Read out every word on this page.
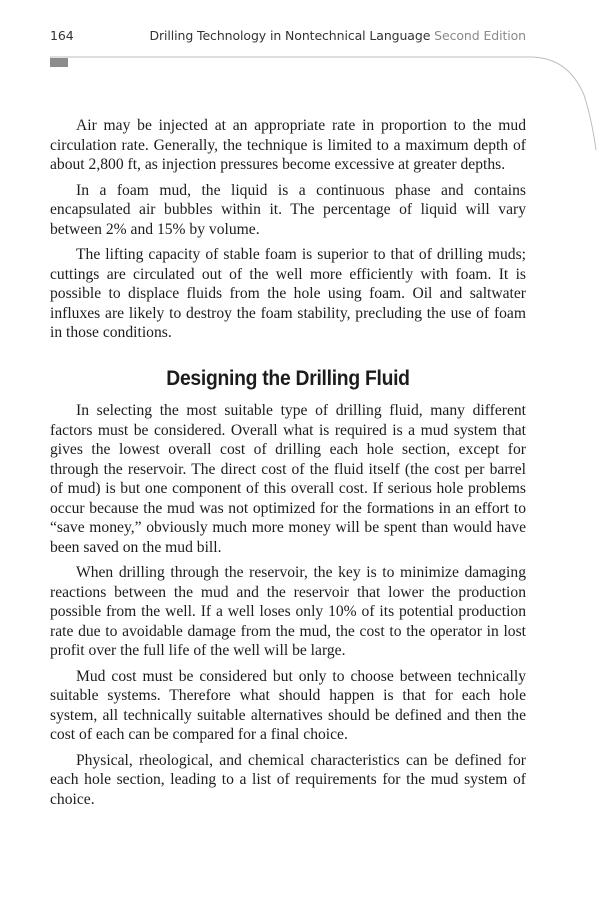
164	Drilling Technology in Nontechnical Language Second Edition

Air may be injected at an appropriate rate in proportion to the mud circulation rate. Generally, the technique is limited to a maximum depth of about 2,800 ft, as injection pressures become excessive at greater depths.

In a foam mud, the liquid is a continuous phase and contains encapsulated air bubbles within it. The percentage of liquid will vary between 2% and 15% by volume.

The lifting capacity of stable foam is superior to that of drilling muds; cuttings are circulated out of the well more efficiently with foam. It is possible to displace fluids from the hole using foam. Oil and saltwater influxes are likely to destroy the foam stability, precluding the use of foam in those conditions.

Designing the Drilling Fluid

In selecting the most suitable type of drilling fluid, many different factors must be considered. Overall what is required is a mud system that gives the lowest overall cost of drilling each hole section, except for through the reservoir. The direct cost of the fluid itself (the cost per barrel of mud) is but one component of this overall cost. If serious hole problems occur because the mud was not optimized for the formations in an effort to “save money,” obviously much more money will be spent than would have been saved on the mud bill.

When drilling through the reservoir, the key is to minimize damaging reactions between the mud and the reservoir that lower the production possible from the well. If a well loses only 10% of its potential production rate due to avoidable damage from the mud, the cost to the operator in lost profit over the full life of the well will be large.

Mud cost must be considered but only to choose between technically suitable systems. Therefore what should happen is that for each hole system, all technically suitable alternatives should be defined and then the cost of each can be compared for a final choice.

Physical, rheological, and chemical characteristics can be defined for each hole section, leading to a list of requirements for the mud system of choice.
